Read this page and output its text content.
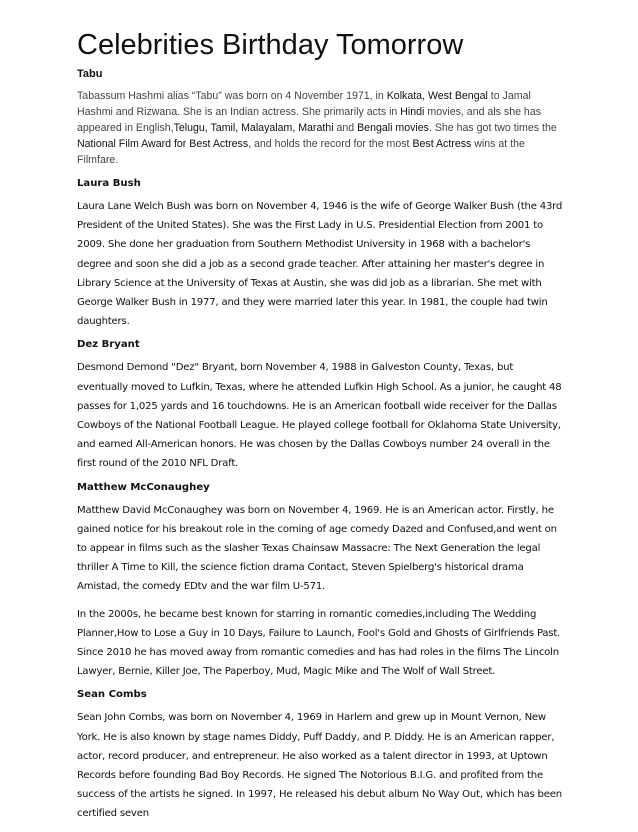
Celebrities Birthday Tomorrow
Tabu

Tabassum Hashmi alias “Tabu” was born on 4 November 1971, in Kolkata, West Bengal to Jamal Hashmi and Rizwana. She is an Indian actress. She primarily acts in Hindi movies, and als she has appeared in English,Telugu, Tamil, Malayalam, Marathi and Bengali movies. She has got two times the National Film Award for Best Actress, and holds the record for the most Best Actress wins at the Filmfare.

Laura Bush

Laura Lane Welch Bush was born on November 4, 1946 is the wife of George Walker Bush (the 43rd President of the United States). She was the First Lady in U.S. Presidential Election from 2001 to 2009. She done her graduation from Southern Methodist University in 1968 with a bachelor's degree and soon she did a job as a second grade teacher. After attaining her master's degree in Library Science at the University of Texas at Austin, she was did job as a librarian. She met with George Walker Bush in 1977, and they were married later this year. In 1981, the couple had twin daughters.

Dez Bryant

Desmond Demond "Dez" Bryant, born November 4, 1988 in Galveston County, Texas, but eventually moved to Lufkin, Texas, where he attended Lufkin High School. As a junior, he caught 48 passes for 1,025 yards and 16 touchdowns. He is an American football wide receiver for the Dallas Cowboys of the National Football League. He played college football for Oklahoma State University, and earned All-American honors. He was chosen by the Dallas Cowboys number 24 overall in the first round of the 2010 NFL Draft.

Matthew McConaughey

Matthew David McConaughey was born on November 4, 1969. He is an American actor. Firstly, he gained notice for his breakout role in the coming of age comedy Dazed and Confused,and went on to appear in films such as the slasher Texas Chainsaw Massacre: The Next Generation the legal thriller A Time to Kill, the science fiction drama Contact, Steven Spielberg's historical drama Amistad, the comedy EDtv and the war film U-571.

In the 2000s, he became best known for starring in romantic comedies,including The Wedding Planner,How to Lose a Guy in 10 Days, Failure to Launch, Fool's Gold and Ghosts of Girlfriends Past. Since 2010 he has moved away from romantic comedies and has had roles in the films The Lincoln Lawyer, Bernie, Killer Joe, The Paperboy, Mud, Magic Mike and The Wolf of Wall Street.

Sean Combs

Sean John Combs, was born on November 4, 1969 in Harlem and grew up in Mount Vernon, New York. He is also known by stage names Diddy, Puff Daddy, and P. Diddy. He is an American rapper, actor, record producer, and entrepreneur. He also worked as a talent director in 1993, at Uptown Records before founding Bad Boy Records. He signed The Notorious B.I.G. and profited from the success of the artists he signed. In 1997, He released his debut album No Way Out, which has been certified seven
